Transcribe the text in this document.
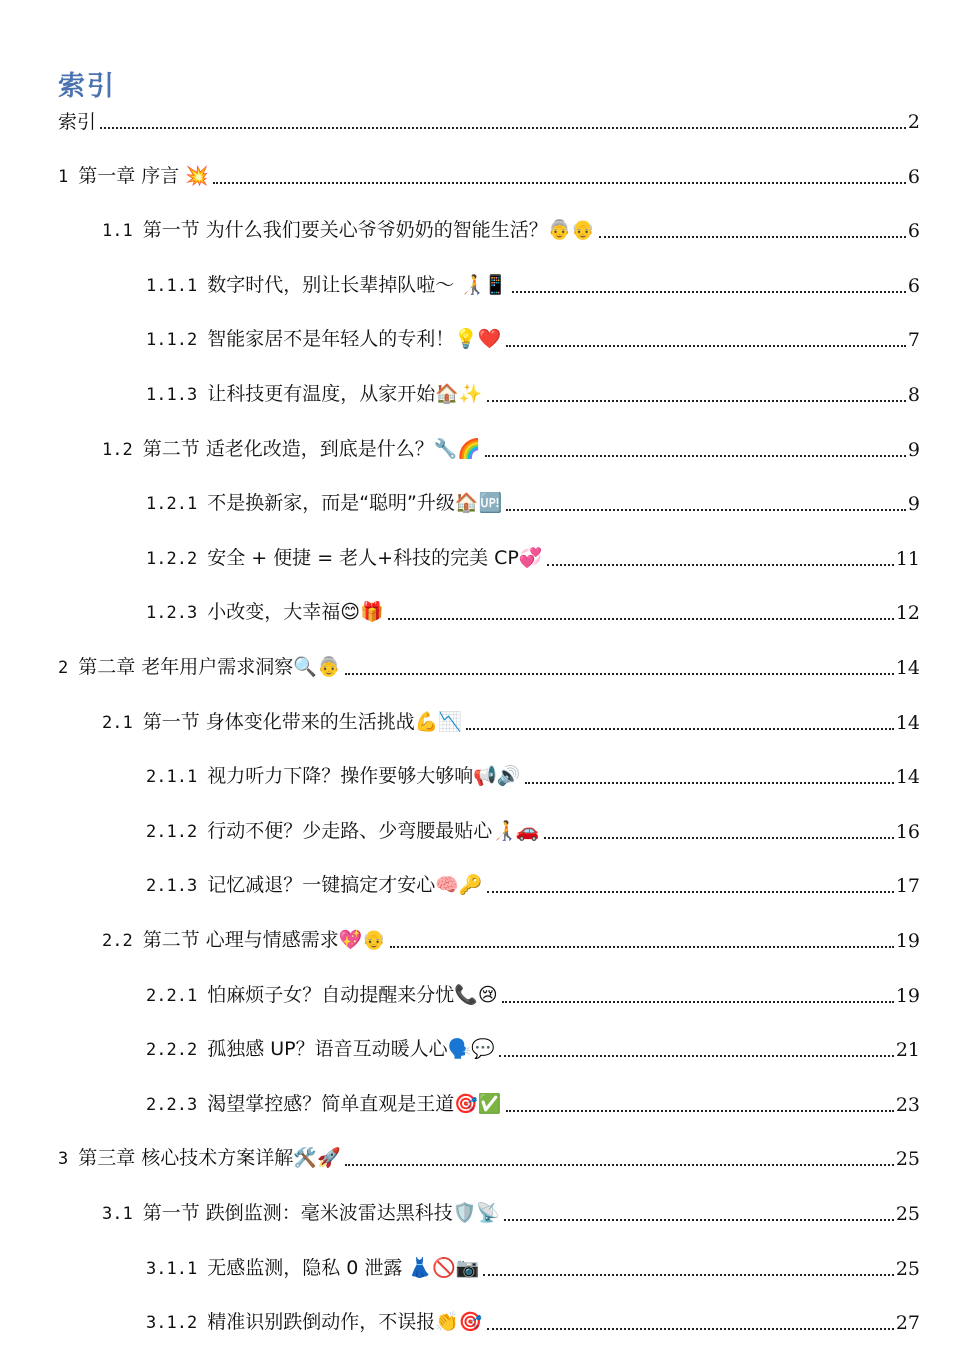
索引
索引	2
1 第一章 序言 💥	6
1.1 第一节 为什么我们要关心爷爷奶奶的智能生活？👵👴	6
1.1.1 数字时代，别让长辈掉队啦～ 🧑‍🦯📱	6
1.1.2 智能家居不是年轻人的专利！💡❤️	7
1.1.3 让科技更有温度，从家开始🏠✨	8
1.2 第二节 适老化改造，到底是什么？🔧🌈	9
1.2.1 不是换新家，而是“聪明”升级🏠🆙	9
1.2.2 安全 + 便捷 = 老人+科技的完美 CP💞	11
1.2.3 小改变，大幸福😊🎁	12
2 第二章 老年用户需求洞察🔍👵	14
2.1 第一节 身体变化带来的生活挑战💪📉	14
2.1.1 视力听力下降？操作要够大够响📢🔊	14
2.1.2 行动不便？少走路、少弯腰最贴心🧑‍🦯🚗	16
2.1.3 记忆减退？一键搞定才安心🧠🔑	17
2.2 第二节 心理与情感需求💖👴	19
2.2.1 怕麻烦子女？自动提醒来分忧📞😢	19
2.2.2 孤独感 UP？语音互动暖人心🗣️💬	21
2.2.3 渴望掌控感？简单直观是王道🎯✅	23
3 第三章 核心技术方案详解🛠️🚀	25
3.1 第一节 跌倒监测：毫米波雷达黑科技🛡️📡	25
3.1.1 无感监测，隐私 0 泄露 👗🚫📷	25
3.1.2 精准识别跌倒动作，不误报👏🎯	27
